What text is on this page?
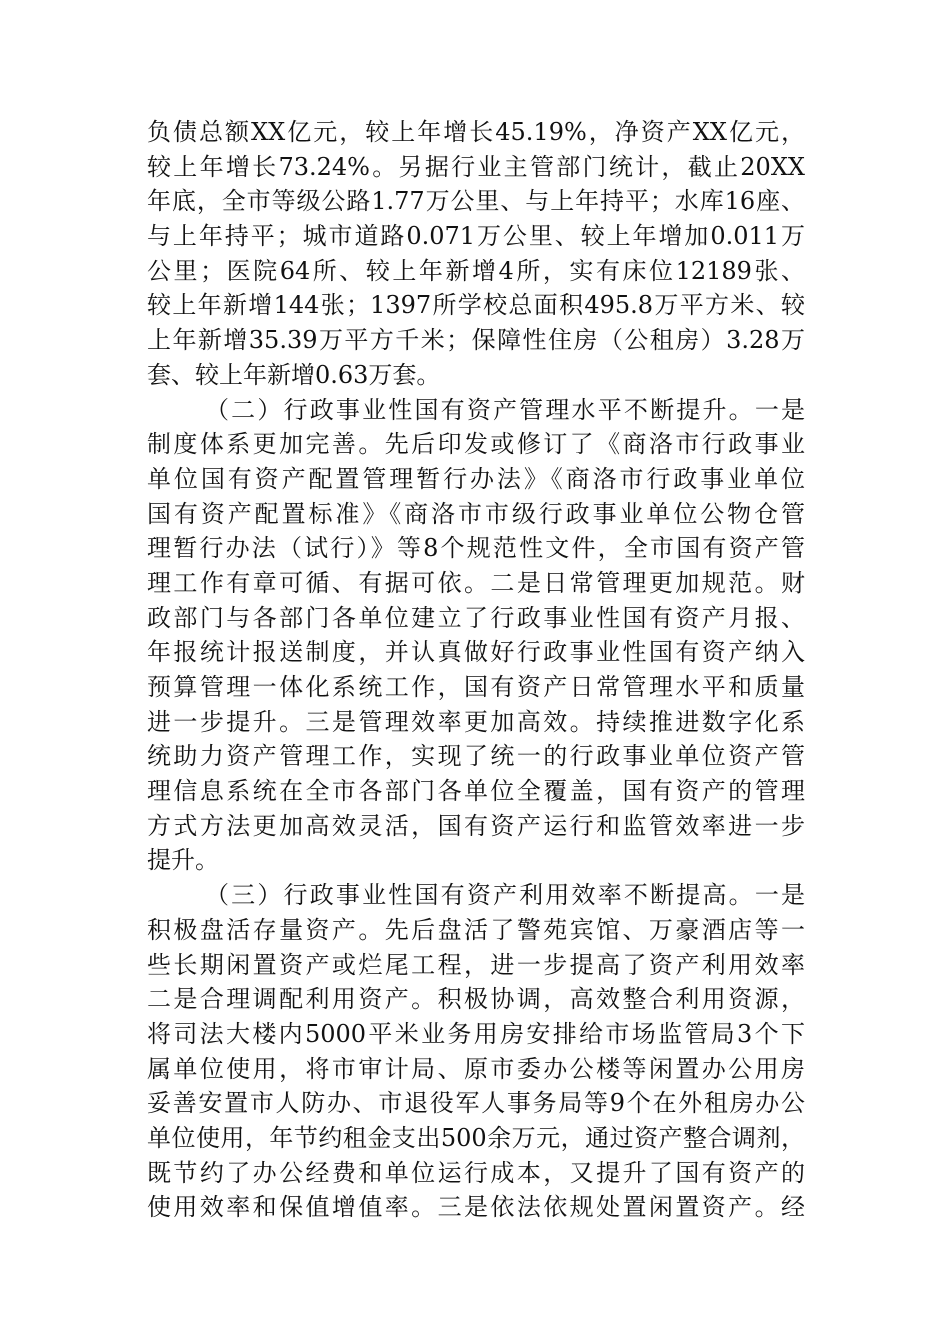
负债总额XX亿元，较上年增长45.19%，净资产XX亿元，
较上年增长73.24%。另据行业主管部门统计，截止20XX
年底，全市等级公路1.77万公里、与上年持平；水库16座、
与上年持平；城市道路0.071万公里、较上年增加0.011万
公里；医院64所、较上年新增4所，实有床位12189张、
较上年新增144张；1397所学校总面积495.8万平方米、较
上年新增35.39万平方千米；保障性住房（公租房）3.28万
套、较上年新增0.63万套。
（二）行政事业性国有资产管理水平不断提升。一是
制度体系更加完善。先后印发或修订了《商洛市行政事业
单位国有资产配置管理暂行办法》《商洛市行政事业单位
国有资产配置标准》《商洛市市级行政事业单位公物仓管
理暂行办法（试行）》等8个规范性文件，全市国有资产管
理工作有章可循、有据可依。二是日常管理更加规范。财
政部门与各部门各单位建立了行政事业性国有资产月报、
年报统计报送制度，并认真做好行政事业性国有资产纳入
预算管理一体化系统工作，国有资产日常管理水平和质量
进一步提升。三是管理效率更加高效。持续推进数字化系
统助力资产管理工作，实现了统一的行政事业单位资产管
理信息系统在全市各部门各单位全覆盖，国有资产的管理
方式方法更加高效灵活，国有资产运行和监管效率进一步
提升。
（三）行政事业性国有资产利用效率不断提高。一是
积极盘活存量资产。先后盘活了警苑宾馆、万豪酒店等一
些长期闲置资产或烂尾工程，进一步提高了资产利用效率
二是合理调配利用资产。积极协调，高效整合利用资源，
将司法大楼内5000平米业务用房安排给市场监管局3个下
属单位使用，将市审计局、原市委办公楼等闲置办公用房
妥善安置市人防办、市退役军人事务局等9个在外租房办公
单位使用，年节约租金支出500余万元，通过资产整合调剂，
既节约了办公经费和单位运行成本，又提升了国有资产的
使用效率和保值增值率。三是依法依规处置闲置资产。经
